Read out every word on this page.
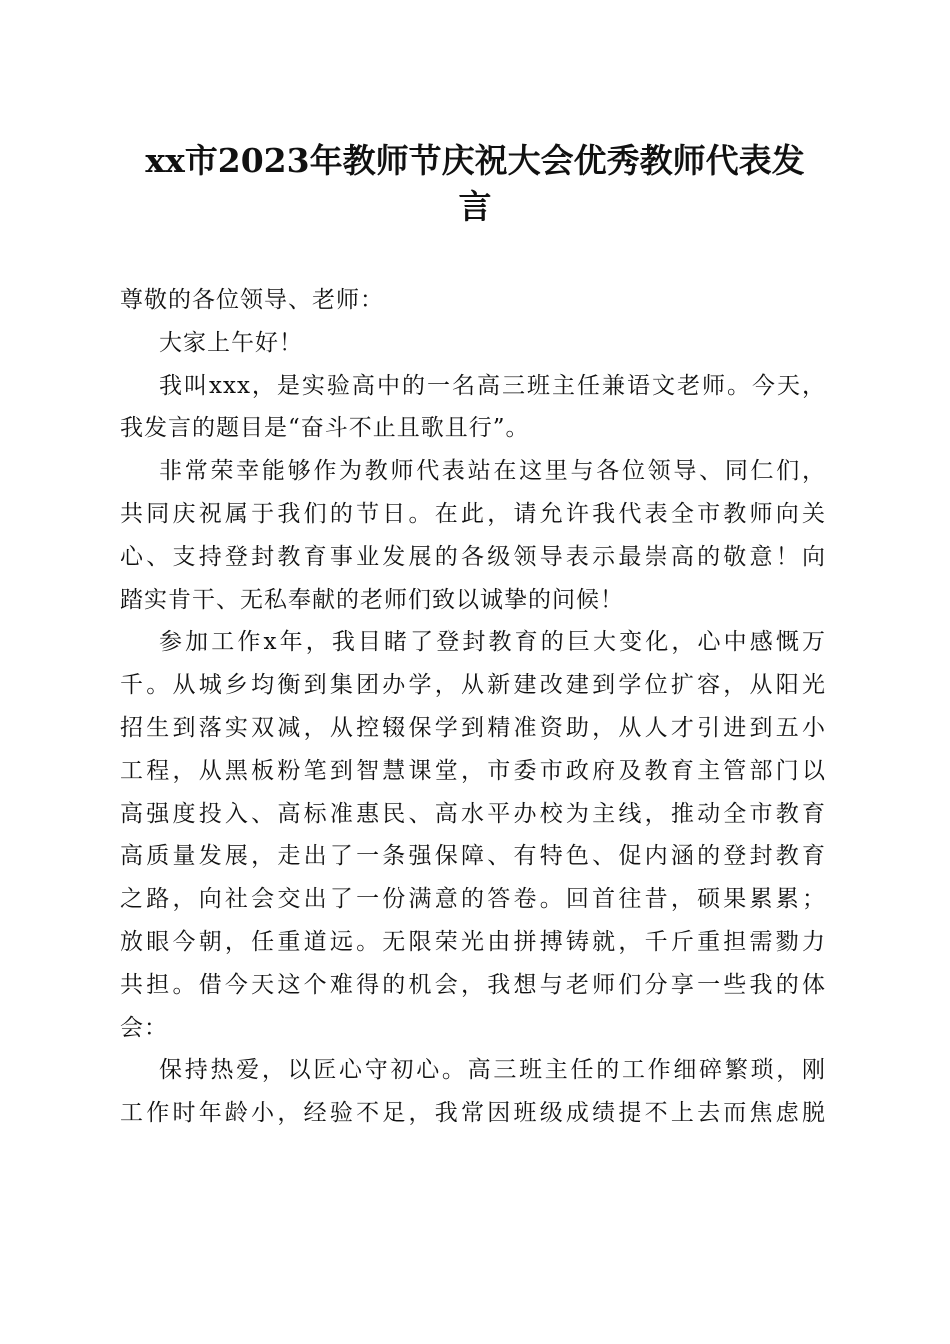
xx市2023年教师节庆祝大会优秀教师代表发
言
尊敬的各位领导、老师：
大家上午好！
我叫xxx，是实验高中的一名高三班主任兼语文老师。今天，
我发言的题目是“奋斗不止且歌且行”。
非常荣幸能够作为教师代表站在这里与各位领导、同仁们，
共同庆祝属于我们的节日。在此，请允许我代表全市教师向关
心、支持登封教育事业发展的各级领导表示最崇高的敬意！向
踏实肯干、无私奉献的老师们致以诚挚的问候！
参加工作x年，我目睹了登封教育的巨大变化，心中感慨万
千。从城乡均衡到集团办学，从新建改建到学位扩容，从阳光
招生到落实双减，从控辍保学到精准资助，从人才引进到五小
工程，从黑板粉笔到智慧课堂，市委市政府及教育主管部门以
高强度投入、高标准惠民、高水平办校为主线，推动全市教育
高质量发展，走出了一条强保障、有特色、促内涵的登封教育
之路，向社会交出了一份满意的答卷。回首往昔，硕果累累；
放眼今朝，任重道远。无限荣光由拼搏铸就，千斤重担需勠力
共担。借今天这个难得的机会，我想与老师们分享一些我的体
会：
保持热爱，以匠心守初心。高三班主任的工作细碎繁琐，刚
工作时年龄小，经验不足，我常因班级成绩提不上去而焦虑脱
